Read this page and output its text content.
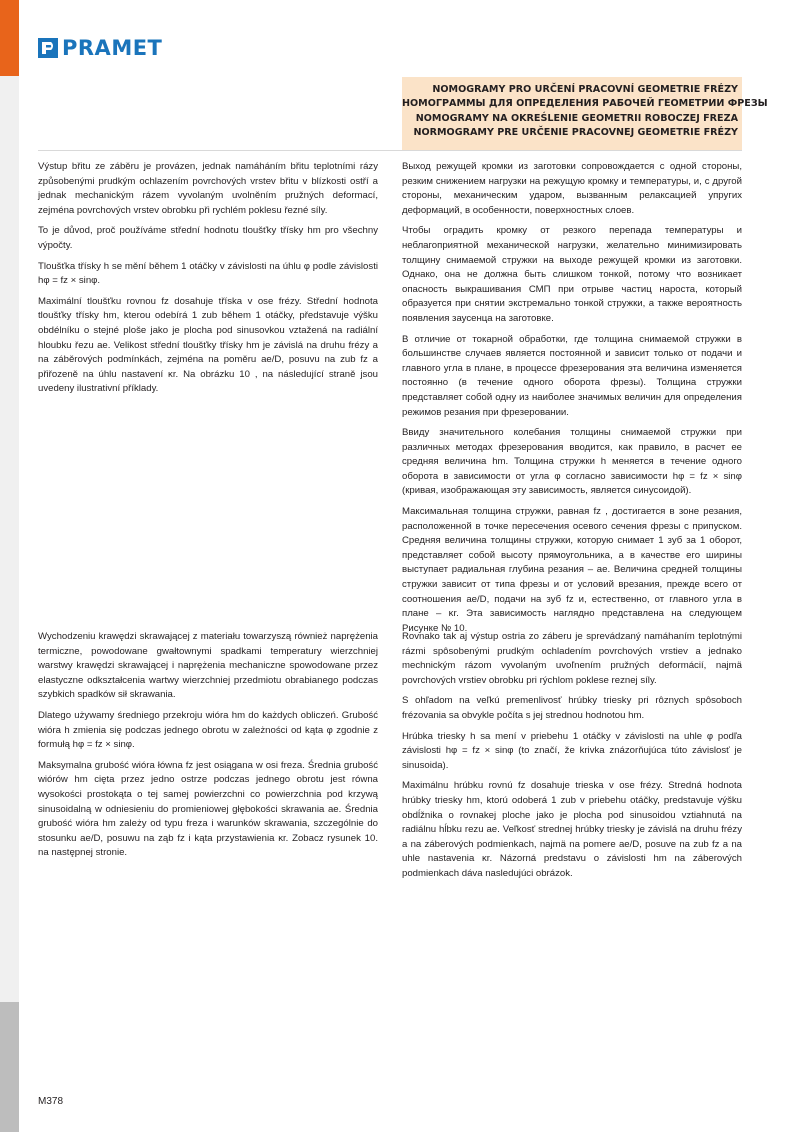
PRAMET
NOMOGRAMY PRO URČENÍ PRACOVNÍ GEOMETRIE FRÉZY
НОМОГРАММЫ ДЛЯ ОПРЕДЕЛЕНИЯ РАБОЧЕЙ ГЕОМЕТРИИ ФРЕЗЫ
NOMOGRAMY NA OKREŚLENIE GEOMETRII ROBOCZEJ FREZA
NORMOGRAMY PRE URČENIE PRACOVNEJ GEOMETRIE FRÉZY

Výstup břitu ze záběru je provázen, jednak namáháním břitu teplotními rázy způsobenými prudkým ochlazením povrchových vrstev břitu v blízkosti ostří a jednak mechanickým rázem vyvolaným uvolněním pružných deformací, zejména povrchových vrstev obrobku při rychlém poklesu řezné síly.

To je důvod, proč používáme střední hodnotu tloušťky třísky hm pro všechny výpočty.

Tloušťka třísky h se mění během 1 otáčky v závislosti na úhlu φ podle závislosti hφ = fz × sinφ.

Maximální tloušťku rovnou fz dosahuje tříska v ose frézy. Střední hodnota tloušťky třísky hm, kterou odebírá 1 zub během 1 otáčky, představuje výšku obdélníku o stejné ploše jako je plocha pod sinusovkou vztažená na radiální hloubku řezu ae. Velikost střední tloušťky třísky hm je závislá na druhu frézy a na záběrových podmínkách, zejména na poměru ae/D, posuvu na zub fz a přiřozeně na úhlu nastavení κr. Na obrázku 10 , na následující straně jsou uvedeny ilustrativní příklady.

Выход режущей кромки из заготовки сопровождается с одной стороны, резким снижением нагрузки на режущую кромку и температуры, и, с другой стороны, механическим ударом, вызванным релаксацией упругих деформаций, в особенности, поверхностных слоев.

Чтобы оградить кромку от резкого перепада температуры и неблагоприятной механической нагрузки, желательно минимизировать толщину снимаемой стружки на выходе режущей кромки из заготовки. Однако, она не должна быть слишком тонкой, потому что возникает опасность выкрашивания СМП при отрыве частиц нароста, который образуется при снятии экстремально тонкой стружки, а также вероятность появления заусенца на заготовке.

В отличие от токарной обработки, где толщина снимаемой стружки в большинстве случаев является постоянной и зависит только от подачи и главного угла в плане, в процессе фрезерования эта величина изменяется постоянно (в течение одного оборота фрезы). Толщина стружки представляет собой одну из наиболее значимых величин для определения режимов резания при фрезеровании.

Ввиду значительного колебания толщины снимаемой стружки при различных методах фрезерования вводится, как правило, в расчет ее средняя величина hm. Толщина стружки h меняется в течение одного оборота в зависимости от угла φ согласно зависимости hφ = fz × sinφ (кривая, изображающая эту зависимость, является синусоидой).

Максимальная толщина стружки, равная fz , достигается в зоне резания, расположенной в точке пересечения осевого сечения фрезы с припуском. Средняя величина толщины стружки, которую снимает 1 зуб за 1 оборот, представляет собой высоту прямоугольника, а в качестве его ширины выступает радиальная глубина резания – ae. Величина средней толщины стружки зависит от типа фрезы и от условий врезания, прежде всего от соотношения ae/D, подачи на зуб fz и, естественно, от главного угла в плане – κr. Эта зависимость наглядно представлена на следующем Рисунке № 10.

Wychodzeniu krawędzi skrawającej z materiału towarzyszą również naprężenia termiczne, powodowane gwałtownymi spadkami temperatury wierzchniej warstwy krawędzi skrawającej i naprężenia mechaniczne spowodowane przez elastyczne odkształcenia wartwy wierzchniej przedmiotu obrabianego podczas szybkich spadków sił skrawania.

Dlatego używamy średniego przekroju wióra hm do każdych obliczeń. Grubość wióra h zmienia się podczas jednego obrotu w zależności od kąta φ zgodnie z formułą hφ = fz × sinφ.

Maksymalna grubość wióra łówna fz jest osiągana w osi freza. Średnia grubość wiórów hm cięta przez jedno ostrze podczas jednego obrotu jest równa wysokości prostokąta o tej samej powierzchni co powierzchnia pod krzywą sinusoidalną w odniesieniu do promieniowej głębokości skrawania ae. Średnia grubość wióra hm zależy od typu freza i warunków skrawania, szczególnie do stosunku ae/D, posuwu na ząb fz i kąta przystawienia κr. Zobacz rysunek 10. na następnej stronie.

Rovnako tak aj výstup ostria zo záberu je sprevádzaný namáhaním teplotnými rázmi spôsobenými prudkým ochladením povrchových vrstiev a jednako mechnickým rázom vyvolaným uvoľnením pružných deformácií, najmä povrchových vrstiev obrobku pri rýchlom poklese reznej síly.

S ohľadom na veľkú premenlivosť hrúbky triesky pri rôznych spôsoboch frézovania sa obvykle počíta s jej strednou hodnotou hm.

Hrúbka triesky h sa mení v priebehu 1 otáčky v závislosti na uhle φ podľa závislosti hφ = fz × sinφ (to značí, že krivka znázorňujúca túto závislosť je sinusoida).

Maximálnu hrúbku rovnú fz dosahuje trieska v ose frézy. Stredná hodnota hrúbky triesky hm, ktorú odoberá 1 zub v priebehu otáčky, predstavuje výšku obdĺžnika o rovnakej ploche jako je plocha pod sinusoidou vztiahnutá na radiálnu hĺbku rezu ae. Veľkosť strednej hrúbky triesky je závislá na druhu frézy a na záberových podmienkach, najmä na pomere ae/D, posuve na zub fz a na uhle nastavenia κr. Názorná predstavu o závislosti hm na záberových podmienkach dáva nasledujúci obrázok.

M378
